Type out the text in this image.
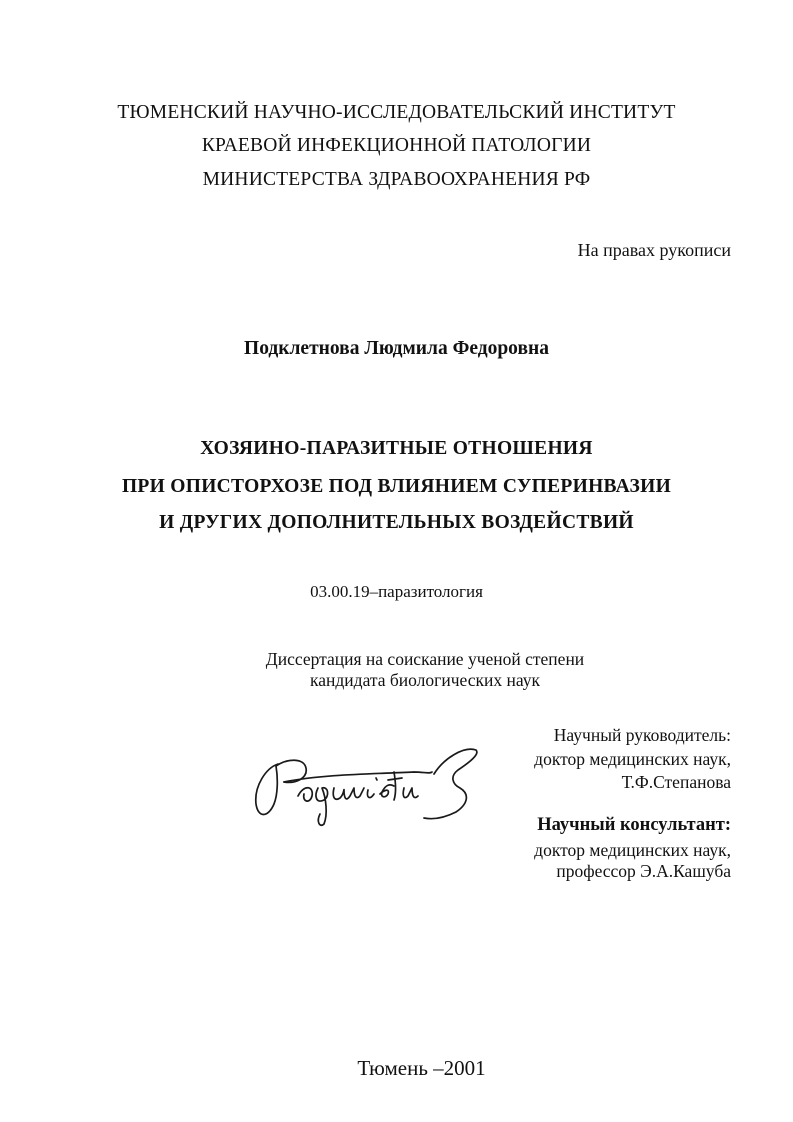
ТЮМЕНСКИЙ НАУЧНО-ИССЛЕДОВАТЕЛЬСКИЙ ИНСТИТУТ
КРАЕВОЙ ИНФЕКЦИОННОЙ ПАТОЛОГИИ
МИНИСТЕРСТВА ЗДРАВООХРАНЕНИЯ РФ
На правах рукописи
Подклетнова Людмила Федоровна
ХОЗЯИНО-ПАРАЗИТНЫЕ ОТНОШЕНИЯ
ПРИ ОПИСТОРХОЗЕ ПОД ВЛИЯНИЕМ СУПЕРИНВАЗИИ
И ДРУГИХ ДОПОЛНИТЕЛЬНЫХ ВОЗДЕЙСТВИЙ
03.00.19–паразитология
Диссертация на соискание ученой степени
кандидата биологических наук
Научный руководитель:
доктор медицинских наук,
Т.Ф.Степанова
Научный консультант:
доктор медицинских наук,
профессор Э.А.Кашуба
Тюмень –2001
